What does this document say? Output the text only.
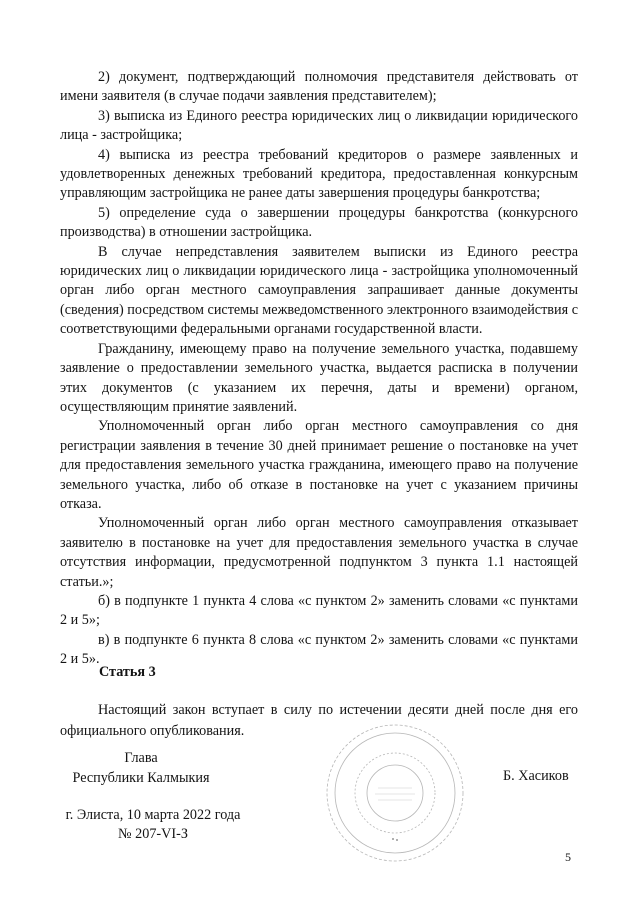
2) документ, подтверждающий полномочия представителя действовать от имени заявителя (в случае подачи заявления представителем);

3) выписка из Единого реестра юридических лиц о ликвидации юридического лица - застройщика;

4) выписка из реестра требований кредиторов о размере заявленных и удовлетворенных денежных требований кредитора, предоставленная конкурсным управляющим застройщика не ранее даты завершения процедуры банкротства;

5) определение суда о завершении процедуры банкротства (конкурсного производства) в отношении застройщика.

В случае непредставления заявителем выписки из Единого реестра юридических лиц о ликвидации юридического лица - застройщика уполномоченный орган либо орган местного самоуправления запрашивает данные документы (сведения) посредством системы межведомственного электронного взаимодействия с соответствующими федеральными органами государственной власти.

Гражданину, имеющему право на получение земельного участка, подавшему заявление о предоставлении земельного участка, выдается расписка в получении этих документов (с указанием их перечня, даты и времени) органом, осуществляющим принятие заявлений.

Уполномоченный орган либо орган местного самоуправления со дня регистрации заявления в течение 30 дней принимает решение о постановке на учет для предоставления земельного участка гражданина, имеющего право на получение земельного участка, либо об отказе в постановке на учет с указанием причины отказа.

Уполномоченный орган либо орган местного самоуправления отказывает заявителю в постановке на учет для предоставления земельного участка в случае отсутствия информации, предусмотренной подпунктом 3 пункта 1.1 настоящей статьи.»;

б) в подпункте 1 пункта 4 слова «с пунктом 2» заменить словами «с пунктами 2 и 5»;

в) в подпункте 6 пункта 8 слова «с пунктом 2» заменить словами «с пунктами 2 и 5».

Статья 3

Настоящий закон вступает в силу по истечении десяти дней после дня его официального опубликования.

Глава
Республики Калмыкия	Б. Хасиков
г. Элиста, 10 марта 2022 года
№ 207-VI-З
5
